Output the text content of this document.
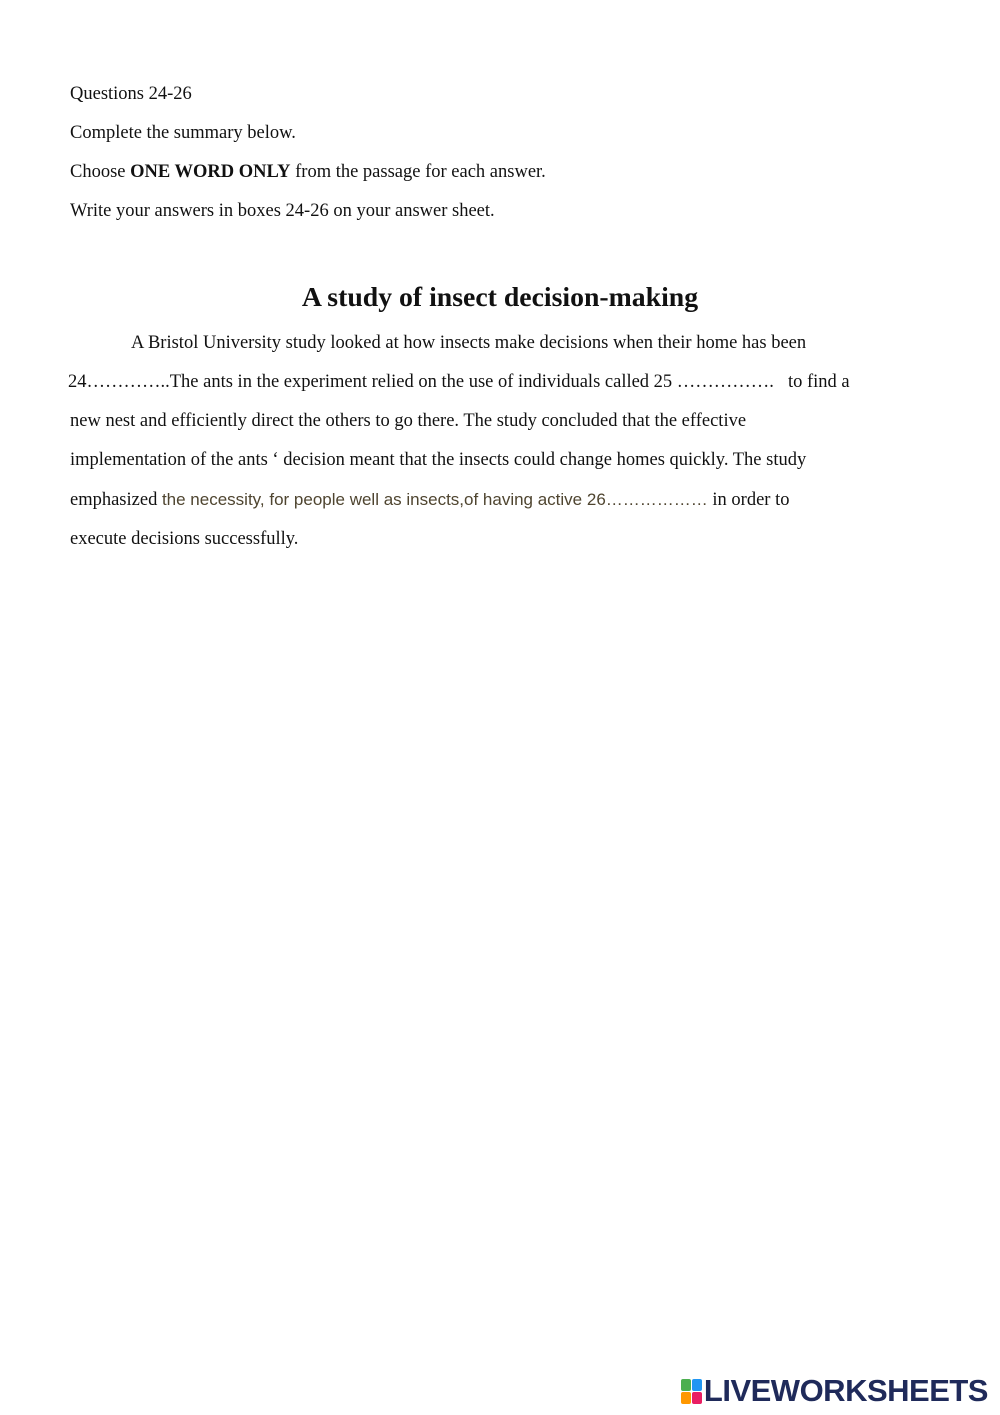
Questions 24-26

Complete the summary below.

Choose ONE WORD ONLY from the passage for each answer.

Write your answers in boxes 24-26 on your answer sheet.

A study of insect decision-making
A Bristol University study looked at how insects make decisions when their home has been
24…………..The ants in the experiment relied on the use of individuals called 25 ……………. to find a
new nest and efficiently direct the others to go there. The study concluded that the effective
implementation of the ants ‘ decision meant that the insects could change homes quickly. The study
emphasized the necessity, for people well as insects,of having active 26……………… in order to
execute decisions successfully.
LIVEWORKSHEETS
